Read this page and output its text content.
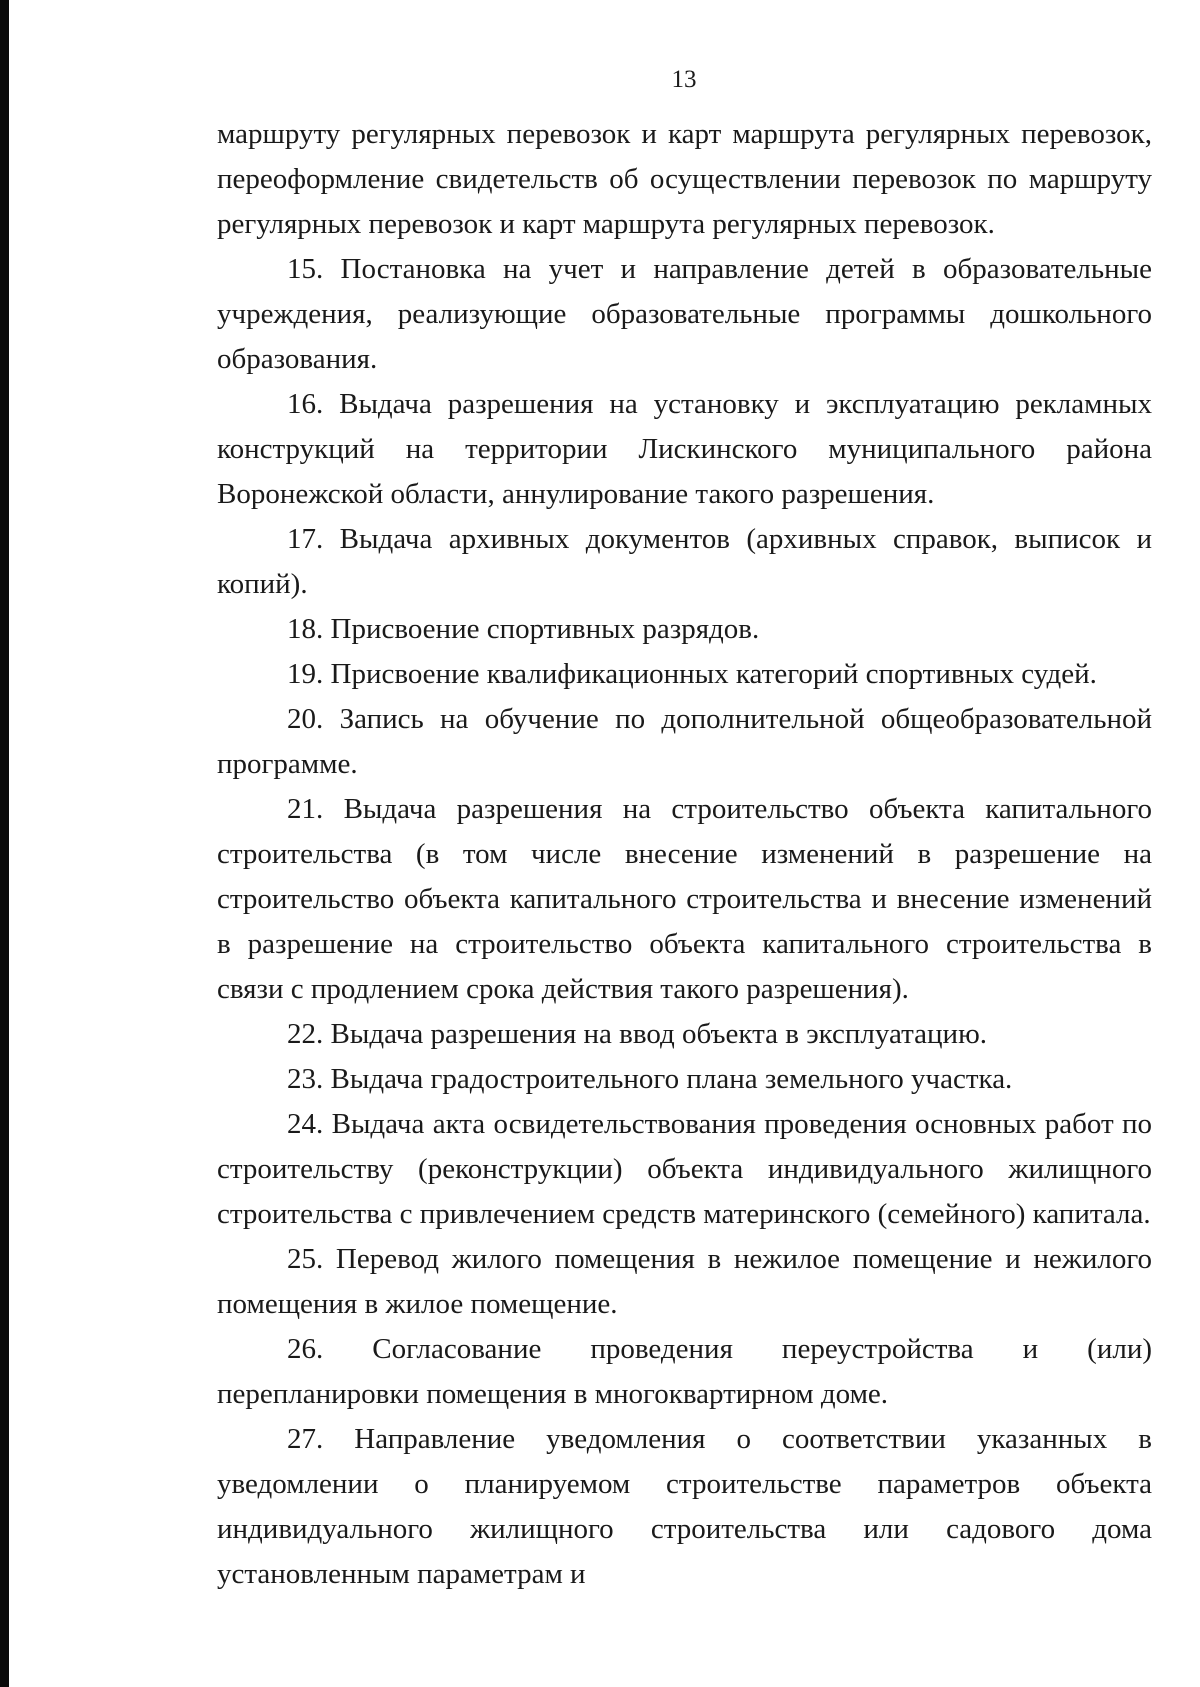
13

маршруту регулярных перевозок и карт маршрута регулярных перевозок, переоформление свидетельств об осуществлении перевозок по маршруту регулярных перевозок и карт маршрута регулярных перевозок.

15. Постановка на учет и направление детей в образовательные учреждения, реализующие образовательные программы дошкольного образования.

16. Выдача разрешения на установку и эксплуатацию рекламных конструкций на территории Лискинского муниципального района Воронежской области, аннулирование такого разрешения.

17. Выдача архивных документов (архивных справок, выписок и копий).

18. Присвоение спортивных разрядов.

19. Присвоение квалификационных категорий спортивных судей.

20. Запись на обучение по дополнительной общеобразовательной программе.

21. Выдача разрешения на строительство объекта капитального строительства (в том числе внесение изменений в разрешение на строительство объекта капитального строительства и внесение изменений в разрешение на строительство объекта капитального строительства в связи с продлением срока действия такого разрешения).

22. Выдача разрешения на ввод объекта в эксплуатацию.

23. Выдача градостроительного плана земельного участка.

24. Выдача акта освидетельствования проведения основных работ по строительству (реконструкции) объекта индивидуального жилищного строительства с привлечением средств материнского (семейного) капитала.

25. Перевод жилого помещения в нежилое помещение и нежилого помещения в жилое помещение.

26. Согласование проведения переустройства и (или) перепланировки помещения в многоквартирном доме.

27. Направление уведомления о соответствии указанных в уведомлении о планируемом строительстве параметров объекта индивидуального жилищного строительства или садового дома установленным параметрам и
